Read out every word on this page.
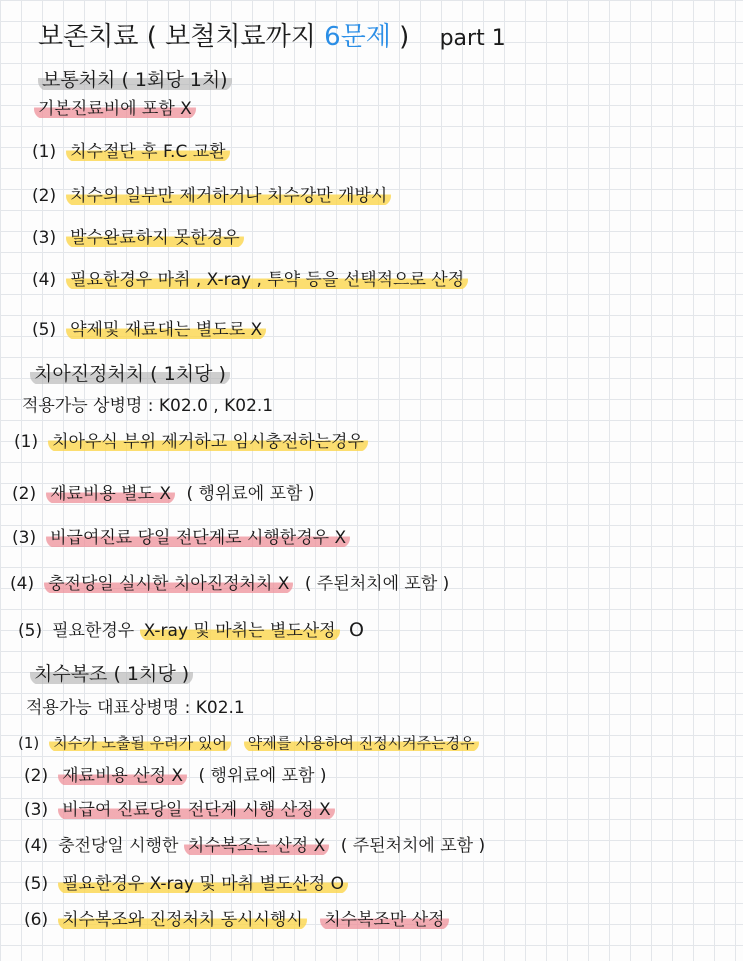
보존치료 ( 보철치료까지 6문제 ) part 1
보통처치 ( 1회당 1치)
기본진료비에 포함 X
(1) 치수절단 후 F.C 교환
(2) 치수의 일부만 제거하거나 치수강만 개방시
(3) 발수완료하지 못한경우
(4) 필요한경우 마취 , X-ray , 투약 등을 선택적으로 산정
(5) 약제및 재료대는 별도로 X
치아진정처치 ( 1치당 )
적용가능 상병명 : K02.0 , K02.1
(1) 치아우식 부위 제거하고 임시충전하는경우
(2) 재료비용 별도 X ( 행위료에 포함 )
(3) 비급여진료 당일 전단계로 시행한경우 X
(4) 충전당일 실시한 치아진정처치 X ( 주된처치에 포함 )
(5) 필요한경우 X-ray 및 마취는 별도산정 O
치수복조 ( 1치당 )
적용가능 대표상병명 : K02.1
(1) 치수가 노출될 우려가 있어 약제를 사용하여 진정시켜주는경우
(2) 재료비용 산정 X ( 행위료에 포함 )
(3) 비급여 진료당일 전단계 시행 산정 X
(4) 충전당일 시행한 치수복조는 산정 X ( 주된처치에 포함 )
(5) 필요한경우 X-ray 및 마취 별도산정 O
(6) 치수복조와 진정처치 동시시행시 치수복조만 산정
